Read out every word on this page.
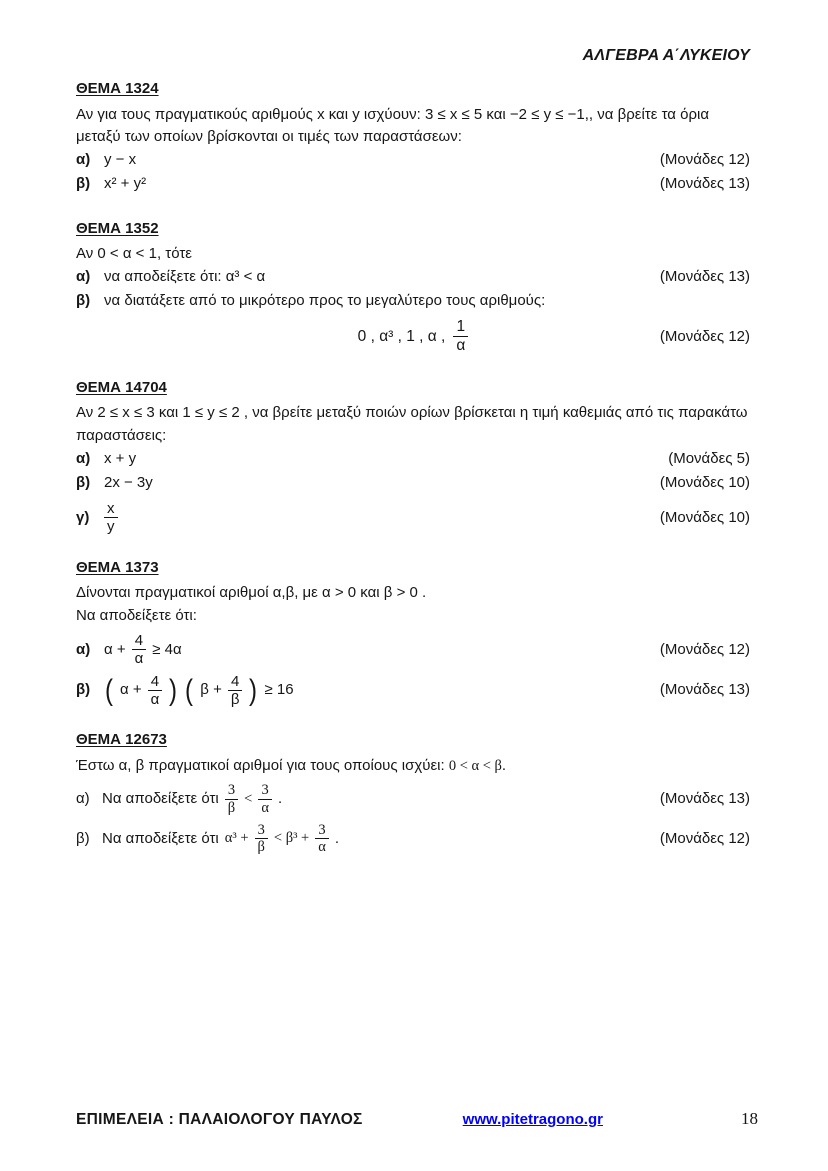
ΑΛΓΕΒΡΑ Α΄ΛΥΚΕΙΟΥ
ΘΕΜΑ 1324

Αν για τους πραγματικούς αριθμούς x και y ισχύουν: 3 ≤ x ≤ 5 και −2 ≤ y ≤ −1,, να βρείτε τα όρια μεταξύ των οποίων βρίσκονται οι τιμές των παραστάσεων:

α) y − x	(Μονάδες 12)
β) x² + y²	(Μονάδες 13)
ΘΕΜΑ 1352

Αν 0 < α < 1, τότε

α) να αποδείξετε ότι: α³ < α	(Μονάδες 13)
β) να διατάξετε από το μικρότερο προς το μεγαλύτερο τους αριθμούς:
0 , α³ , 1 , α , $\frac{1}{\alpha}$	(Μονάδες 12)
ΘΕΜΑ 14704

Αν 2 ≤ x ≤ 3 και 1 ≤ y ≤ 2 , να βρείτε μεταξύ ποιών ορίων βρίσκεται η τιμή καθεμιάς από τις παρακάτω παραστάσεις:

α) x + y	(Μονάδες 5)
β) 2x − 3y	(Μονάδες 10)
$\gamma) \frac{x}{y}$	(Μονάδες 10)
ΘΕΜΑ 1373

Δίνονται πραγματικοί αριθμοί α,β, με α > 0 και β > 0 .

Να αποδείξετε ότι:

α) $\alpha + \frac{4}{\alpha} \ge 4\alpha$	(Μονάδες 12)
β) ( $\alpha + \frac{4}{\alpha}$ ) ( $\beta + \frac{4}{\beta}$ ) ≥ 16	(Μονάδες 13)
ΘΕΜΑ 12673

Έστω α, β πραγματικοί αριθμοί για τους οποίους ισχύει: 0 < α < β.

α) Να αποδείξετε ότι $\frac{3}{\beta} < \frac{3}{\alpha}$ .	(Μονάδες 13)
β) Να αποδείξετε ότι $\alpha^3 + \frac{3}{\beta} < \beta^3 + \frac{3}{\alpha}$ .	(Μονάδες 12)
ΕΠΙΜΕΛΕΙΑ : ΠΑΛΑΙΟΛΟΓΟΥ ΠΑΥΛΟΣ	www.pitetragono.gr	18
